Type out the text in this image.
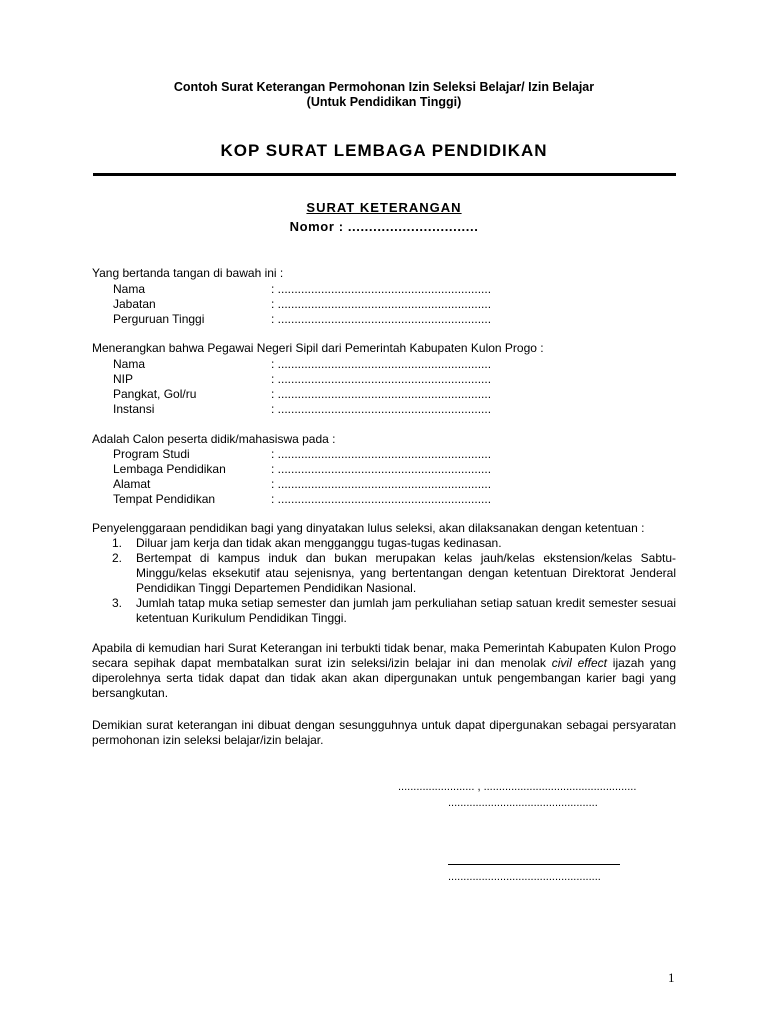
Contoh Surat Keterangan Permohonan Izin Seleksi Belajar/ Izin Belajar
(Untuk Pendidikan Tinggi)
KOP SURAT LEMBAGA PENDIDIKAN
SURAT KETERANGAN
Nomor : ...............................
Yang bertanda tangan di bawah ini :
Nama	: ................................................................
Jabatan	: ................................................................
Perguruan Tinggi	: ................................................................
Menerangkan bahwa Pegawai Negeri Sipil dari Pemerintah Kabupaten Kulon Progo :
Nama	: ................................................................
NIP	: ................................................................
Pangkat, Gol/ru	: ................................................................
Instansi	: ................................................................
Adalah Calon peserta didik/mahasiswa pada :
Program Studi	: ................................................................
Lembaga Pendidikan	: ................................................................
Alamat	: ................................................................
Tempat Pendidikan	: ................................................................
Penyelenggaraan pendidikan bagi yang dinyatakan lulus seleksi, akan dilaksanakan dengan ketentuan :
1. Diluar jam kerja dan tidak akan mengganggu tugas-tugas kedinasan.
2. Bertempat di kampus induk dan bukan merupakan kelas jauh/kelas ekstension/kelas Sabtu-Minggu/kelas eksekutif atau sejenisnya, yang bertentangan dengan ketentuan Direktorat Jenderal Pendidikan Tinggi Departemen Pendidikan Nasional.
3. Jumlah tatap muka setiap semester dan jumlah jam perkuliahan setiap satuan kredit semester sesuai ketentuan Kurikulum Pendidikan Tinggi.
Apabila di kemudian hari Surat Keterangan ini terbukti tidak benar, maka Pemerintah Kabupaten Kulon Progo secara sepihak dapat membatalkan surat izin seleksi/izin belajar ini dan menolak civil effect ijazah yang diperolehnya serta tidak dapat dan tidak akan akan dipergunakan untuk pengembangan karier bagi yang bersangkutan.
Demikian surat keterangan ini dibuat dengan sesungguhnya untuk dapat dipergunakan sebagai persyaratan permohonan izin seleksi belajar/izin belajar.
......................... , ..................................................
.................................................
..................................................
1
